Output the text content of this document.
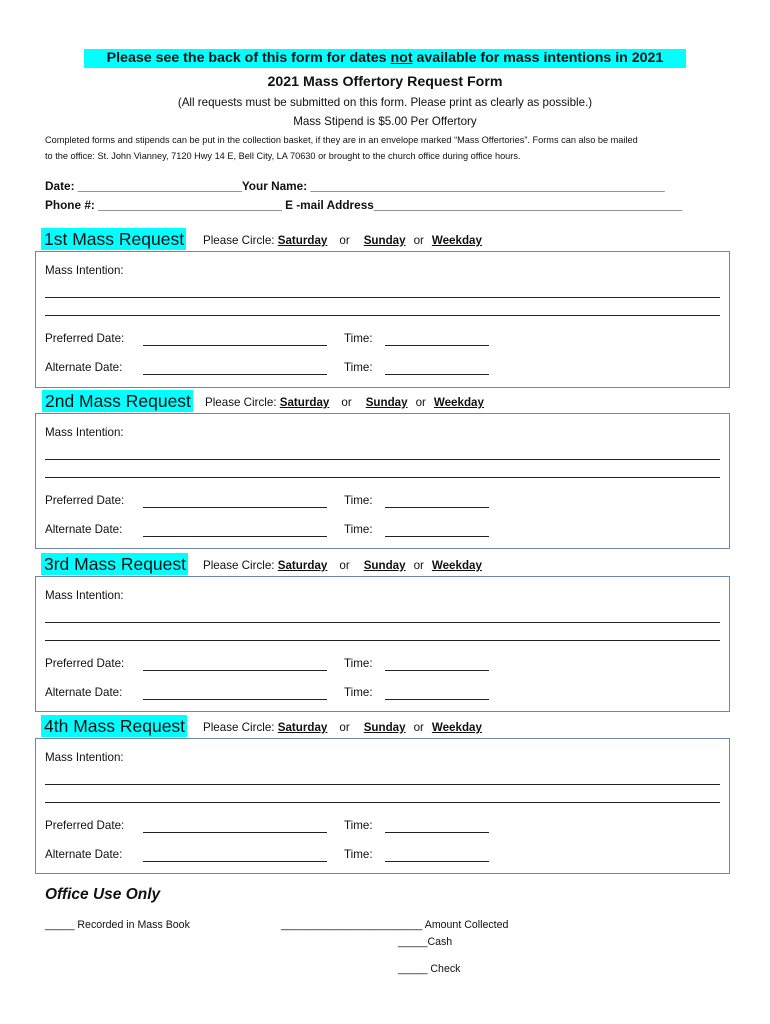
Please see the back of this form for dates not available for mass intentions in 2021
2021 Mass Offertory Request Form
(All requests must be submitted on this form. Please print as clearly as possible.)
Mass Stipend is $5.00 Per Offertory
Completed forms and stipends can be put in the collection basket, if they are in an envelope marked “Mass Offertories”. Forms can also be mailed
to the office: St. John Vianney, 7120 Hwy 14 E, Bell City, LA 70630 or brought to the church office during office hours.
Date: _________________________Your Name: ______________________________________________________
Phone #: ____________________________ E -mail Address_______________________________________________
1st Mass Request Please Circle: Saturday or Sunday or Weekday
Mass Intention:
Preferred Date:	Time:
Alternate Date:	Time:
2nd Mass Request Please Circle: Saturday or Sunday or Weekday
Mass Intention:
Preferred Date:	Time:
Alternate Date:	Time:
3rd Mass Request Please Circle: Saturday or Sunday or Weekday
Mass Intention:
Preferred Date:	Time:
Alternate Date:	Time:
4th Mass Request Please Circle: Saturday or Sunday or Weekday
Mass Intention:
Preferred Date:	Time:
Alternate Date:	Time:
Office Use Only
_____ Recorded in Mass Book	________________________ Amount Collected
_____Cash
_____ Check
